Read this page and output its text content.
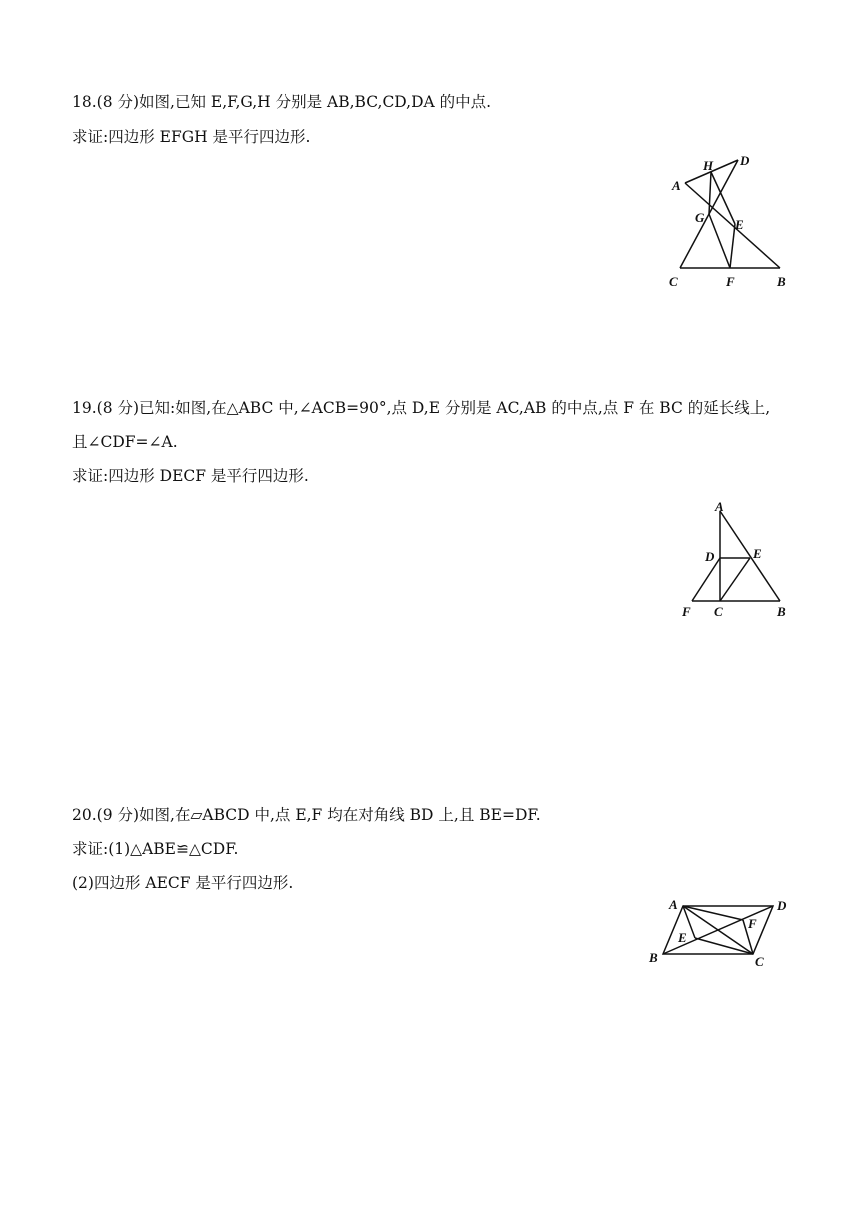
18.(8 分)如图,已知 E,F,G,H 分别是 AB,BC,CD,DA 的中点.
求证:四边形 EFGH 是平行四边形.
A
H D
G E
C	F	B
19.(8 分)已知:如图,在△ABC 中,∠ACB=90°,点 D,E 分别是 AC,AB 的中点,点 F 在 BC 的延长线上,
且∠CDF=∠A.
求证:四边形 DECF 是平行四边形.
A
D	E
F C	B
20.(9 分)如图,在▱ABCD 中,点 E,F 均在对角线 BD 上,且 BE=DF.
求证:(1)△ABE≌△CDF.
(2)四边形 AECF 是平行四边形.
A	D
F
E
B	C
